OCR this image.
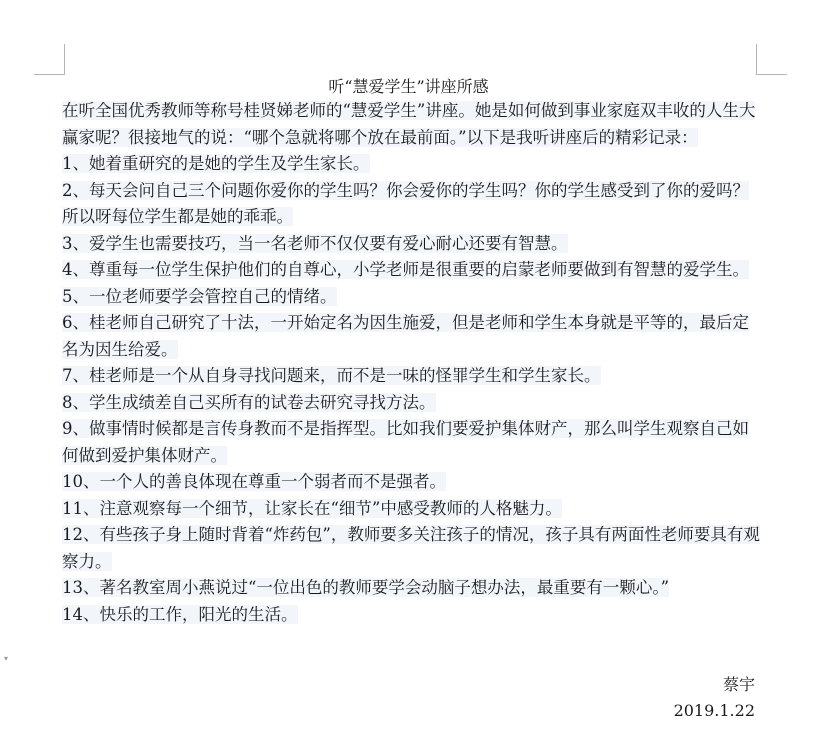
▾
听“慧爱学生”讲座所感

在听全国优秀教师等称号桂贤娣老师的“慧爱学生”讲座。她是如何做到事业家庭双丰收的人生大赢家呢？很接地气的说：“哪个急就将哪个放在最前面。”以下是我听讲座后的精彩记录：

1、她着重研究的是她的学生及学生家长。

2、每天会问自己三个问题你爱你的学生吗？你会爱你的学生吗？你的学生感受到了你的爱吗？所以呀每位学生都是她的乖乖。

3、爱学生也需要技巧，当一名老师不仅仅要有爱心耐心还要有智慧。

4、尊重每一位学生保护他们的自尊心，小学老师是很重要的启蒙老师要做到有智慧的爱学生。

5、一位老师要学会管控自己的情绪。

6、桂老师自己研究了十法，一开始定名为因生施爱，但是老师和学生本身就是平等的，最后定名为因生给爱。

7、桂老师是一个从自身寻找问题来，而不是一味的怪罪学生和学生家长。

8、学生成绩差自己买所有的试卷去研究寻找方法。

9、做事情时候都是言传身教而不是指挥型。比如我们要爱护集体财产，那么叫学生观察自己如何做到爱护集体财产。

10、一个人的善良体现在尊重一个弱者而不是强者。

11、注意观察每一个细节，让家长在“细节”中感受教师的人格魅力。

12、有些孩子身上随时背着“炸药包”，教师要多关注孩子的情况，孩子具有两面性老师要具有观察力。

13、著名教室周小燕说过“一位出色的教师要学会动脑子想办法，最重要有一颗心。”

14、快乐的工作，阳光的生活。

蔡宇
2019.1.22
